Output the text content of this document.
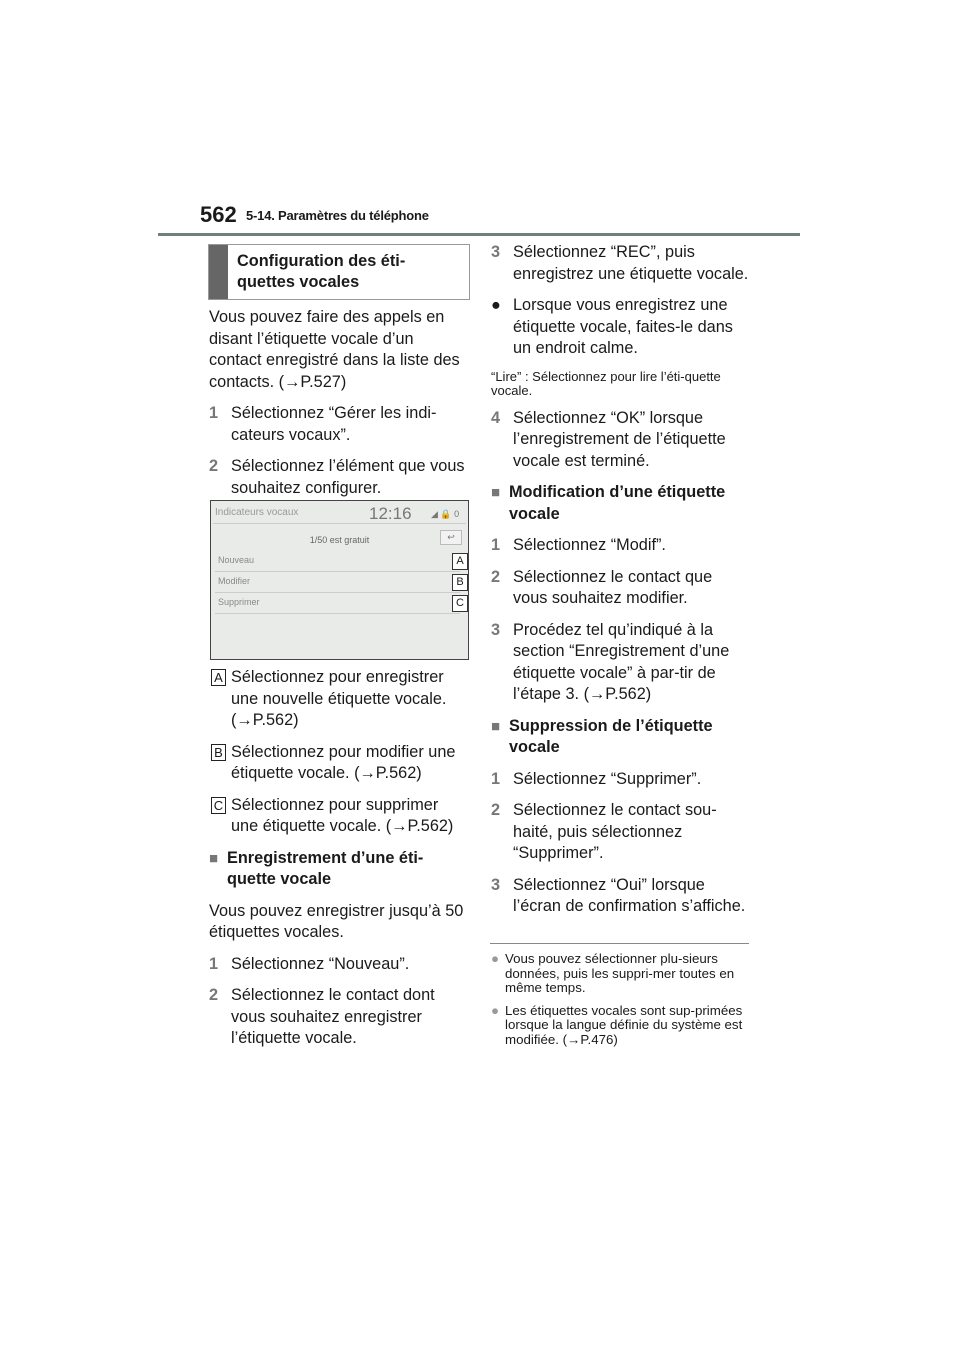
562 5-14. Paramètres du téléphone
Configuration des éti-
quettes vocales

Vous pouvez faire des appels en disant l’étiquette vocale d’un contact enregistré dans la liste des contacts. (→P.527)

1 Sélectionnez “Gérer les indi-cateurs vocaux”.
2 Sélectionnez l’élément que vous souhaitez configurer.
Indicateurs vocaux	12:16 ◢ 🔒 0
1/50 est gratuit	↩
Nouveau	A
Modifier	B
Supprimer	C
A Sélectionnez pour enregistrer une nouvelle étiquette vocale. (→P.562)
B Sélectionnez pour modifier une étiquette vocale. (→P.562)
C Sélectionnez pour supprimer une étiquette vocale. (→P.562)
■ Enregistrement d’une éti-quette vocale

Vous pouvez enregistrer jusqu’à 50 étiquettes vocales.

1 Sélectionnez “Nouveau”.
2 Sélectionnez le contact dont vous souhaitez enregistrer l’étiquette vocale.
3 Sélectionnez “REC”, puis enregistrez une étiquette vocale.
● Lorsque vous enregistrez une étiquette vocale, faites-le dans un endroit calme.

“Lire” : Sélectionnez pour lire l’éti-quette vocale.

4 Sélectionnez “OK” lorsque l’enregistrement de l’étiquette vocale est terminé.
■ Modification d’une étiquette vocale
1 Sélectionnez “Modif”.
2 Sélectionnez le contact que vous souhaitez modifier.
3 Procédez tel qu’indiqué à la section “Enregistrement d’une étiquette vocale” à par-tir de l’étape 3. (→P.562)
■ Suppression de l’étiquette vocale
1 Sélectionnez “Supprimer”.
2 Sélectionnez le contact sou-haité, puis sélectionnez “Supprimer”.
3 Sélectionnez “Oui” lorsque l’écran de confirmation s’affiche.
● Vous pouvez sélectionner plu-sieurs données, puis les suppri-mer toutes en même temps.
● Les étiquettes vocales sont sup-primées lorsque la langue définie du système est modifiée. (→P.476)
